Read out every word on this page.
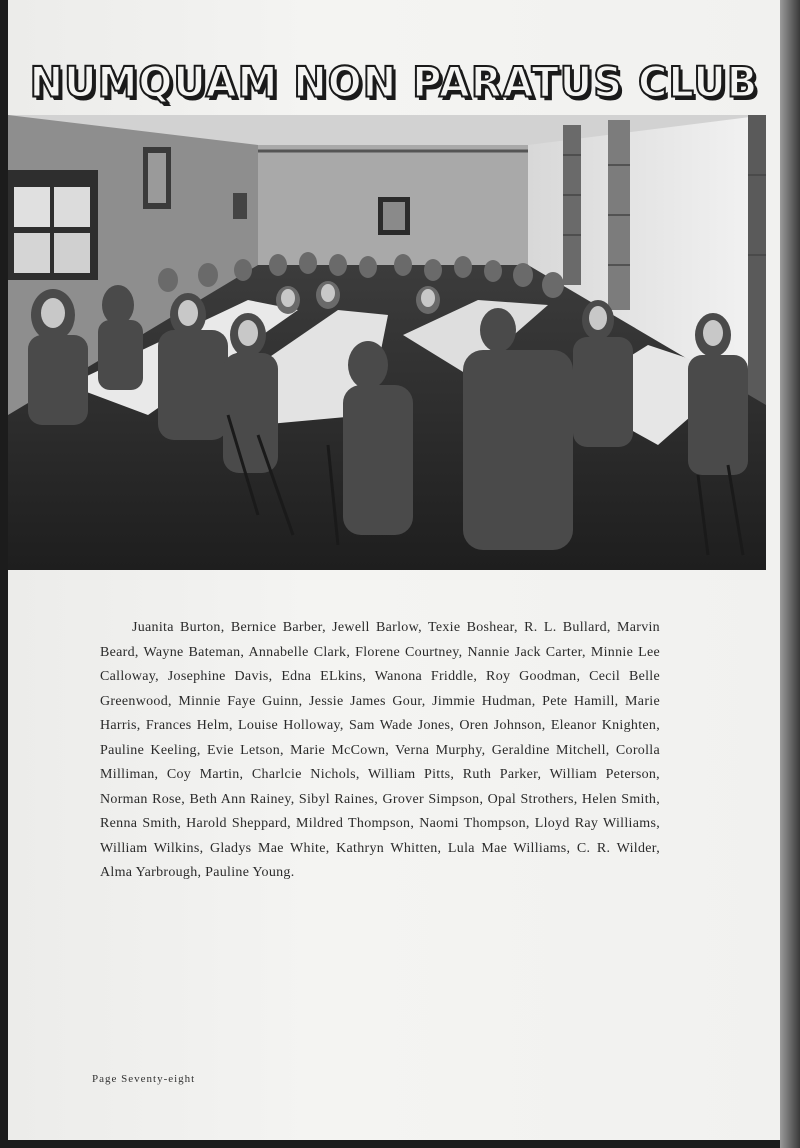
NUMQUAM NON PARATUS CLUB

Juanita Burton, Bernice Barber, Jewell Barlow, Texie Boshear, R. L. Bullard, Marvin Beard, Wayne Bateman, Annabelle Clark, Florene Courtney, Nannie Jack Carter, Minnie Lee Calloway, Josephine Davis, Edna ELkins, Wanona Friddle, Roy Goodman, Cecil Belle Greenwood, Minnie Faye Guinn, Jessie James Gour, Jimmie Hudman, Pete Hamill, Marie Harris, Frances Helm, Louise Holloway, Sam Wade Jones, Oren Johnson, Eleanor Knighten, Pauline Keeling, Evie Letson, Marie McCown, Verna Murphy, Geraldine Mitchell, Corolla Milliman, Coy Martin, Charlcie Nichols, William Pitts, Ruth Parker, William Peterson, Norman Rose, Beth Ann Rainey, Sibyl Raines, Grover Simpson, Opal Strothers, Helen Smith, Renna Smith, Harold Sheppard, Mildred Thompson, Naomi Thompson, Lloyd Ray Williams, William Wilkins, Gladys Mae White, Kathryn Whitten, Lula Mae Williams, C. R. Wilder, Alma Yarbrough, Pauline Young.

Page Seventy-eight
